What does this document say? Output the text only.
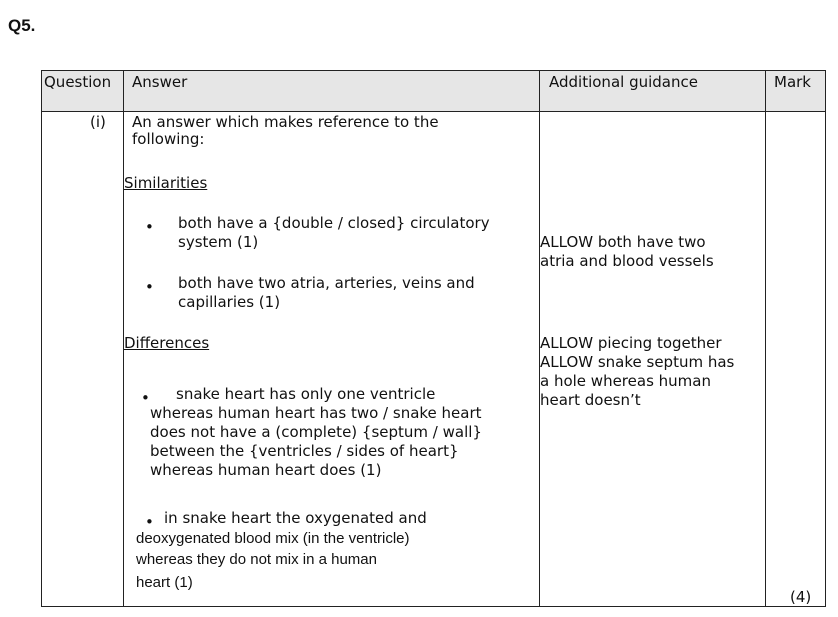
Q5.
Question Answer	Additional guidance	Mark
(i) An answer which makes reference to the
following:
Similarities
• both have a {double / closed} circulatory
system (1)
• both have two atria, arteries, veins and
capillaries (1)
Differences
• snake heart has only one ventricle
whereas human heart has two / snake heart
does not have a (complete) {septum / wall}
between the {ventricles / sides of heart}
whereas human heart does (1)
• in snake heart the oxygenated and
deoxygenated blood mix (in the ventricle)
whereas they do not mix in a human
heart (1)
ALLOW both have two
atria and blood vessels
ALLOW piecing together
ALLOW snake septum has
a hole whereas human
heart doesn’t
(4)
